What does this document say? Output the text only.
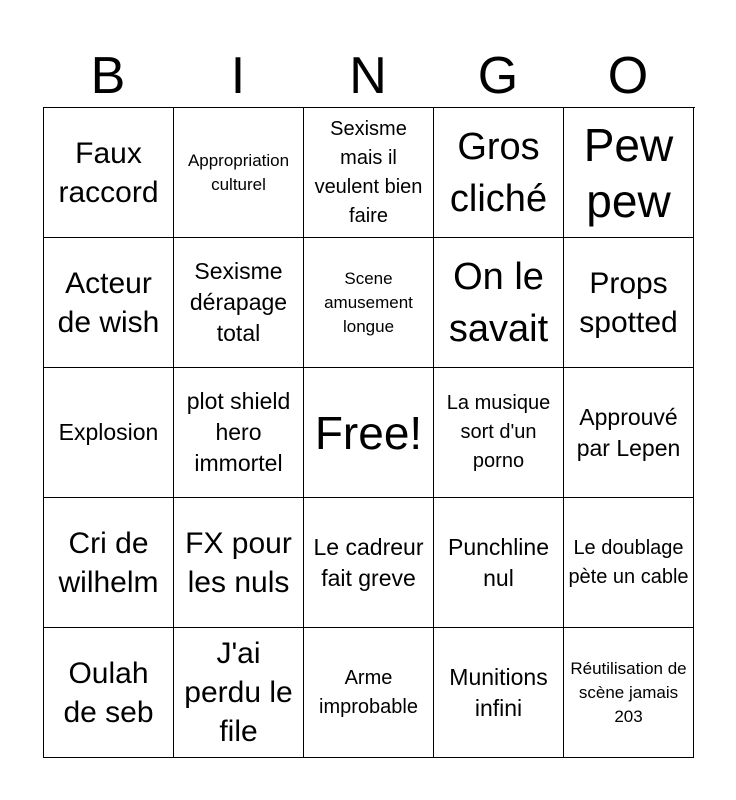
B	I	N	G	O
Faux raccord
Appropriation culturel
Sexisme mais il veulent bien faire
Gros cliché
Pew pew
Acteur de wish
Sexisme dérapage total
Scene amusement longue
On le savait
Props spotted
Explosion
plot shield hero immortel
Free!
La musique sort d'un porno
Approuvé par Lepen
Cri de wilhelm
FX pour les nuls
Le cadreur fait greve
Punchline nul
Le doublage pète un cable
Oulah de seb
J'ai perdu le file
Arme improbable
Munitions infini
Réutilisation de scène jamais 203
